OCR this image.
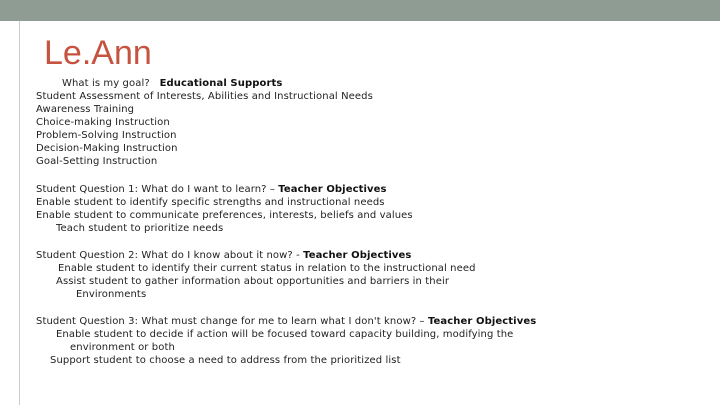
Le.Ann
What is my goal? Educational Supports
Student Assessment of Interests, Abilities and Instructional Needs
Awareness Training
Choice-making Instruction
Problem-Solving Instruction
Decision-Making Instruction
Goal-Setting Instruction
Student Question 1: What do I want to learn? – Teacher Objectives
Enable student to identify specific strengths and instructional needs
Enable student to communicate preferences, interests, beliefs and values
Teach student to prioritize needs
Student Question 2: What do I know about it now? - Teacher Objectives
Enable student to identify their current status in relation to the instructional need
Assist student to gather information about opportunities and barriers in their
Environments
Student Question 3: What must change for me to learn what I don't know? – Teacher Objectives
Enable student to decide if action will be focused toward capacity building, modifying the
environment or both
Support student to choose a need to address from the prioritized list
